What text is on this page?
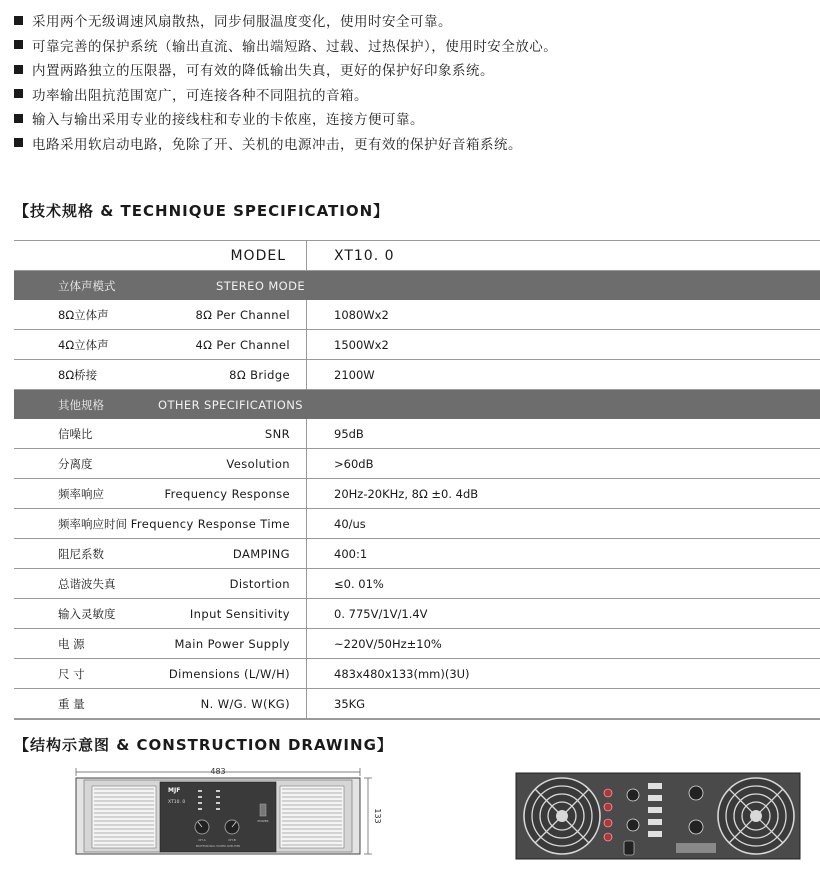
采用两个无级调速风扇散热，同步伺服温度变化，使用时安全可靠。
可靠完善的保护系统（输出直流、输出端短路、过载、过热保护），使用时安全放心。
内置两路独立的压限器，可有效的降低输出失真，更好的保护好印象系统。
功率输出阻抗范围宽广，可连接各种不同阻抗的音箱。
输入与输出采用专业的接线柱和专业的卡侬座，连接方便可靠。
电路采用软启动电路，免除了开、关机的电源冲击，更有效的保护好音箱系统。
【技术规格 & TECHNIQUE SPECIFICATION】
MODEL	XT10. 0
立体声模式	STEREO MODE
8Ω立体声	8Ω Per Channel	1080Wx2
4Ω立体声	4Ω Per Channel	1500Wx2
8Ω桥接	8Ω Bridge	2100W
其他规格	OTHER SPECIFICATIONS
信噪比	SNR	95dB
分离度	Vesolution	>60dB
频率响应	Frequency Response	20Hz-20KHz, 8Ω ±0. 4dB
频率响应时间 Frequency Response Time	40/us
阻尼系数	DAMPING	400:1
总谐波失真	Distortion	≤0. 01%
输入灵敏度	Input Sensitivity	0. 775V/1V/1.4V
电 源	Main Power Supply	~220V/50Hz±10%
尺 寸	Dimensions (L/W/H)	483x480x133(mm)(3U)
重 量	N. W/G. W(KG)	35KG
【结构示意图 & CONSTRUCTION DRAWING】
483
MJF
XT10. 0
CH A	CH B
PROFESSIONAL POWER AMPLIFIER
POWER	133
